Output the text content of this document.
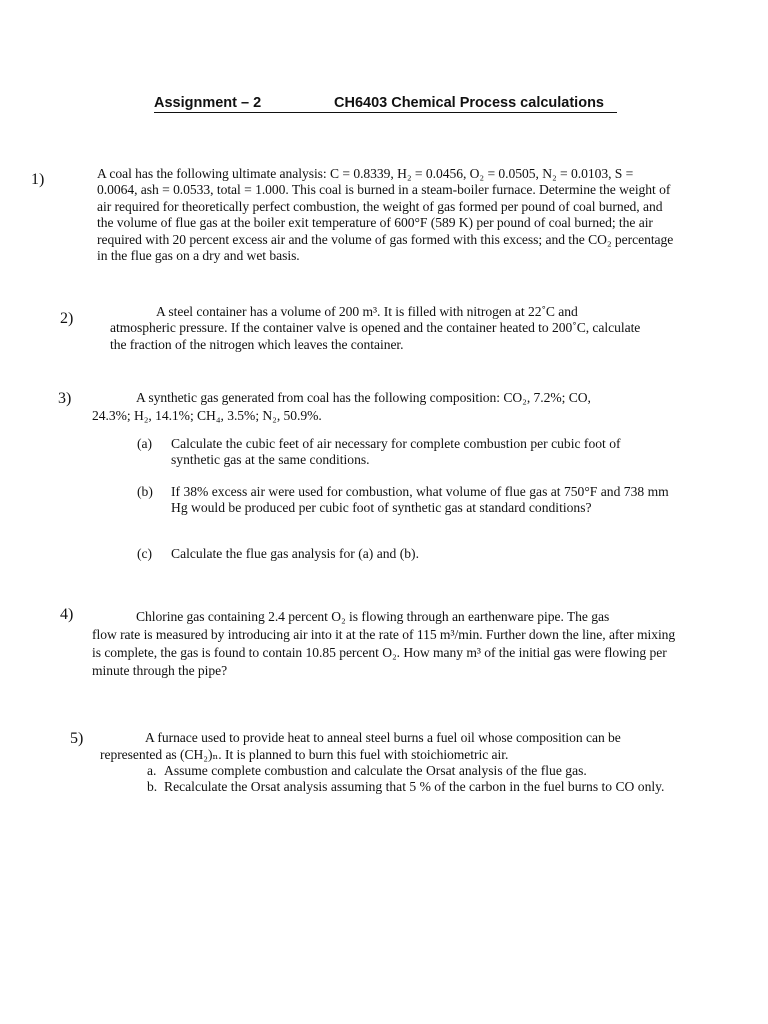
Assignment – 2	CH6403 Chemical Process calculations
1)	A coal has the following ultimate analysis: C = 0.8339, H₂ = 0.0456, O₂ = 0.0505, N₂ = 0.0103, S = 0.0064, ash = 0.0533, total = 1.000. This coal is burned in a steam-boiler furnace. Determine the weight of air required for theoretically perfect combustion, the weight of gas formed per pound of coal burned, and the volume of flue gas at the boiler exit temperature of 600°F (589 K) per pound of coal burned; the air required with 20 percent excess air and the volume of gas formed with this excess; and the CO₂ percentage in the flue gas on a dry and wet basis.
2)	A steel container has a volume of 200 m³. It is filled with nitrogen at 22˚C and
atmospheric pressure. If the container valve is opened and the container heated to 200˚C, calculate the fraction of the nitrogen which leaves the container.
3)	A synthetic gas generated from coal has the following composition: CO₂, 7.2%; CO,
24.3%; H₂, 14.1%; CH₄, 3.5%; N₂, 50.9%.
(a) Calculate the cubic feet of air necessary for complete combustion per cubic foot of synthetic gas at the same conditions.
(b) If 38% excess air were used for combustion, what volume of flue gas at 750°F and 738 mm Hg would be produced per cubic foot of synthetic gas at standard conditions?
(c) Calculate the flue gas analysis for (a) and (b).
4)	Chlorine gas containing 2.4 percent O₂ is flowing through an earthenware pipe. The gas
flow rate is measured by introducing air into it at the rate of 115 m³/min. Further down the line, after mixing is complete, the gas is found to contain 10.85 percent O₂. How many m³ of the initial gas were flowing per minute through the pipe?
5)	A furnace used to provide heat to anneal steel burns a fuel oil whose composition can be
represented as (CH₂)ₙ. It is planned to burn this fuel with stoichiometric air.
a. Assume complete combustion and calculate the Orsat analysis of the flue gas.
b. Recalculate the Orsat analysis assuming that 5 % of the carbon in the fuel burns to CO only.
